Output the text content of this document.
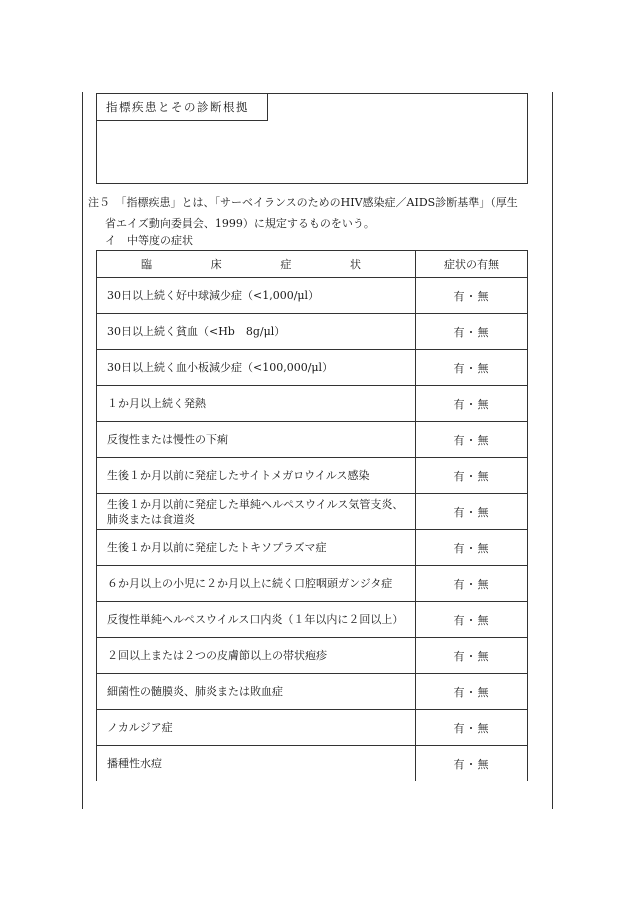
指標疾患とその診断根拠
注５　「指標疾患」とは、「サーベイランスのためのHIV感染症／AIDS診断基準」（厚生
省エイズ動向委員会、1999）に規定するものをいう。
イ　中等度の症状
臨 床 症 状	症状の有無
30日以上続く好中球減少症（<1,000/μl）	有・無
30日以上続く貧血（<Hb　8g/μl）	有・無
30日以上続く血小板減少症（<100,000/μl）	有・無
１か月以上続く発熱	有・無
反復性または慢性の下痢	有・無
生後１か月以前に発症したサイトメガロウイルス感染	有・無
生後１か月以前に発症した単純ヘルペスウイルス気管支炎、肺炎または食道炎	有・無
生後１か月以前に発症したトキソプラズマ症	有・無
６か月以上の小児に２か月以上に続く口腔咽頭ガンジタ症	有・無
反復性単純ヘルペスウイルス口内炎（１年以内に２回以上）	有・無
２回以上または２つの皮膚節以上の帯状疱疹	有・無
細菌性の髄膜炎、肺炎または敗血症	有・無
ノカルジア症	有・無
播種性水痘	有・無
